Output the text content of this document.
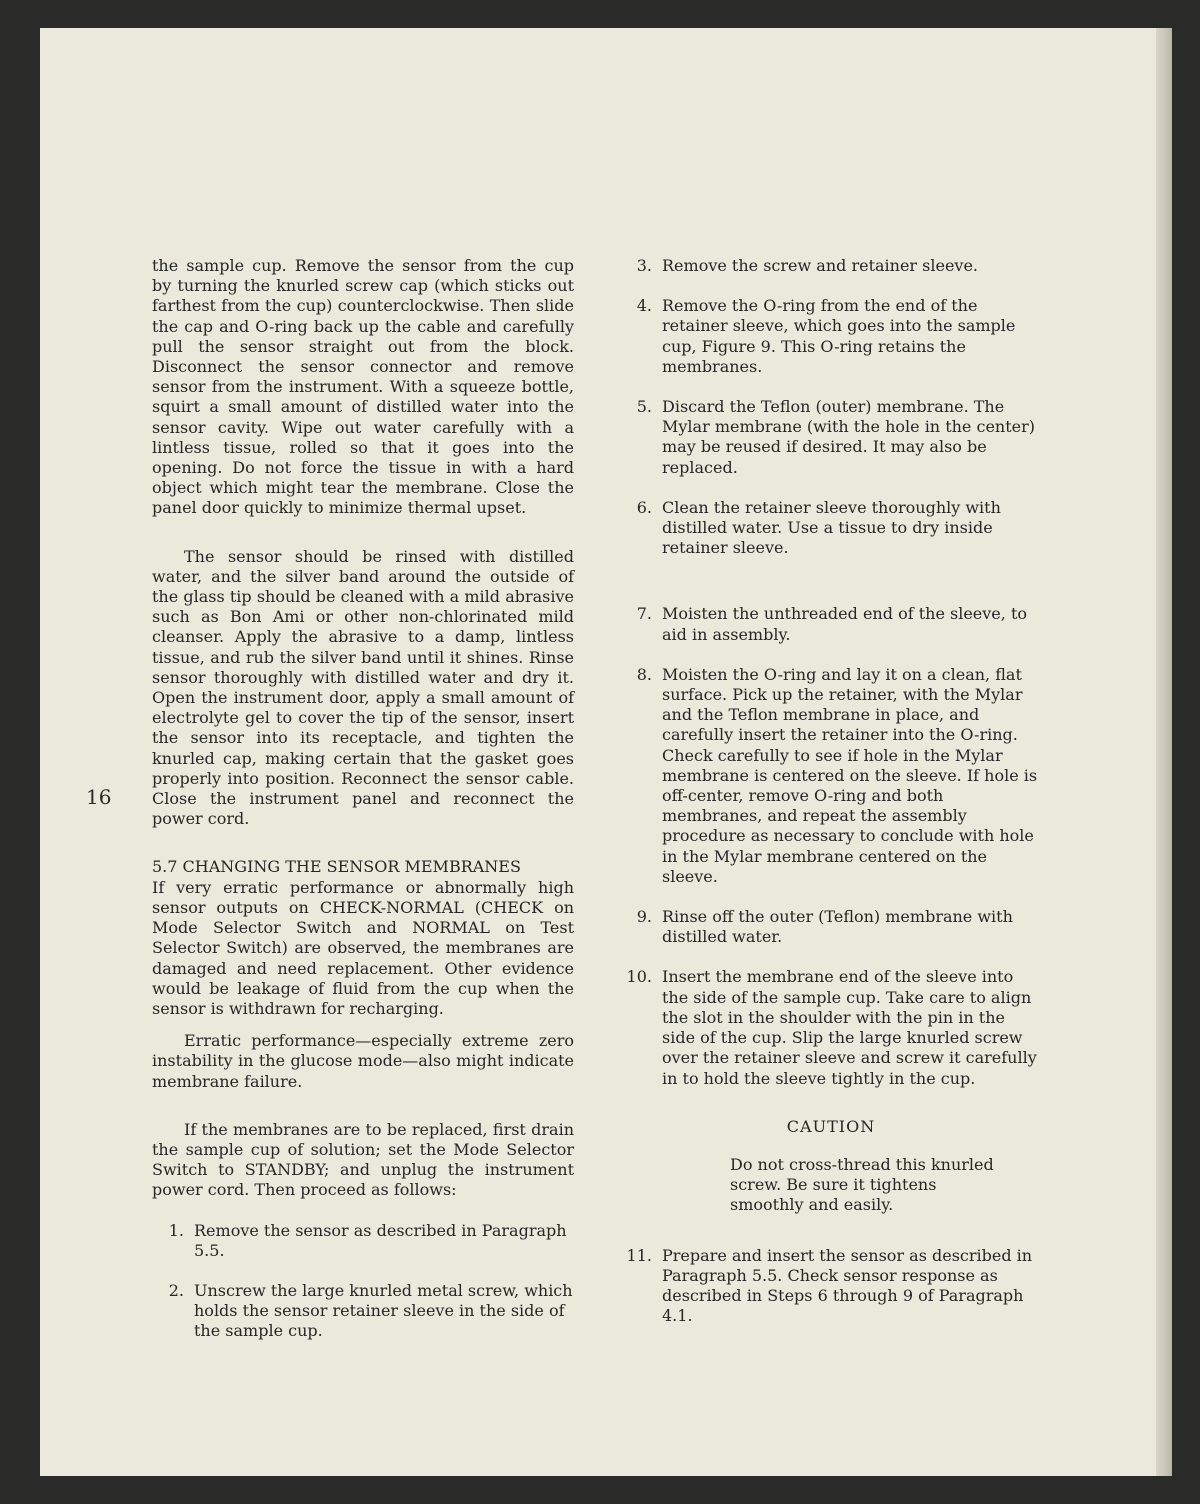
16

the sample cup. Remove the sensor from the cup by turning the knurled screw cap (which sticks out farthest from the cup) counterclockwise. Then slide the cap and O-ring back up the cable and carefully pull the sensor straight out from the block. Disconnect the sensor connector and remove sensor from the instrument. With a squeeze bottle, squirt a small amount of distilled water into the sensor cavity. Wipe out water carefully with a lintless tissue, rolled so that it goes into the opening. Do not force the tissue in with a hard object which might tear the membrane. Close the panel door quickly to minimize thermal upset.

The sensor should be rinsed with distilled water, and the silver band around the outside of the glass tip should be cleaned with a mild abrasive such as Bon Ami or other non-chlorinated mild cleanser. Apply the abrasive to a damp, lintless tissue, and rub the silver band until it shines. Rinse sensor thoroughly with distilled water and dry it. Open the instrument door, apply a small amount of electrolyte gel to cover the tip of the sensor, insert the sensor into its receptacle, and tighten the knurled cap, making certain that the gasket goes properly into position. Reconnect the sensor cable. Close the instrument panel and reconnect the power cord.

5.7 CHANGING THE SENSOR MEMBRANES

If very erratic performance or abnormally high sensor outputs on CHECK-NORMAL (CHECK on Mode Selector Switch and NORMAL on Test Selector Switch) are observed, the membranes are damaged and need replacement. Other evidence would be leakage of fluid from the cup when the sensor is withdrawn for recharging.

Erratic performance—especially extreme zero instability in the glucose mode—also might indicate membrane failure.

If the membranes are to be replaced, first drain the sample cup of solution; set the Mode Selector Switch to STANDBY; and unplug the instrument power cord. Then proceed as follows:

1. Remove the sensor as described in Paragraph 5.5.
2. Unscrew the large knurled metal screw, which holds the sensor retainer sleeve in the side of the sample cup.
3. Remove the screw and retainer sleeve.
4. Remove the O-ring from the end of the retainer sleeve, which goes into the sample cup, Figure 9. This O-ring retains the membranes.
5. Discard the Teflon (outer) membrane. The Mylar membrane (with the hole in the center) may be reused if desired. It may also be replaced.
6. Clean the retainer sleeve thoroughly with distilled water. Use a tissue to dry inside retainer sleeve.
7. Moisten the unthreaded end of the sleeve, to aid in assembly.
8. Moisten the O-ring and lay it on a clean, flat surface. Pick up the retainer, with the Mylar and the Teflon membrane in place, and carefully insert the retainer into the O-ring. Check carefully to see if hole in the Mylar membrane is centered on the sleeve. If hole is off-center, remove O-ring and both membranes, and repeat the assembly procedure as necessary to conclude with hole in the Mylar membrane centered on the sleeve.
9. Rinse off the outer (Teflon) membrane with distilled water.
10. Insert the membrane end of the sleeve into the side of the sample cup. Take care to align the slot in the shoulder with the pin in the side of the cup. Slip the large knurled screw over the retainer sleeve and screw it carefully in to hold the sleeve tightly in the cup.

CAUTION

Do not cross-thread this knurled screw. Be sure it tightens smoothly and easily.

11. Prepare and insert the sensor as described in Paragraph 5.5. Check sensor response as described in Steps 6 through 9 of Paragraph 4.1.
